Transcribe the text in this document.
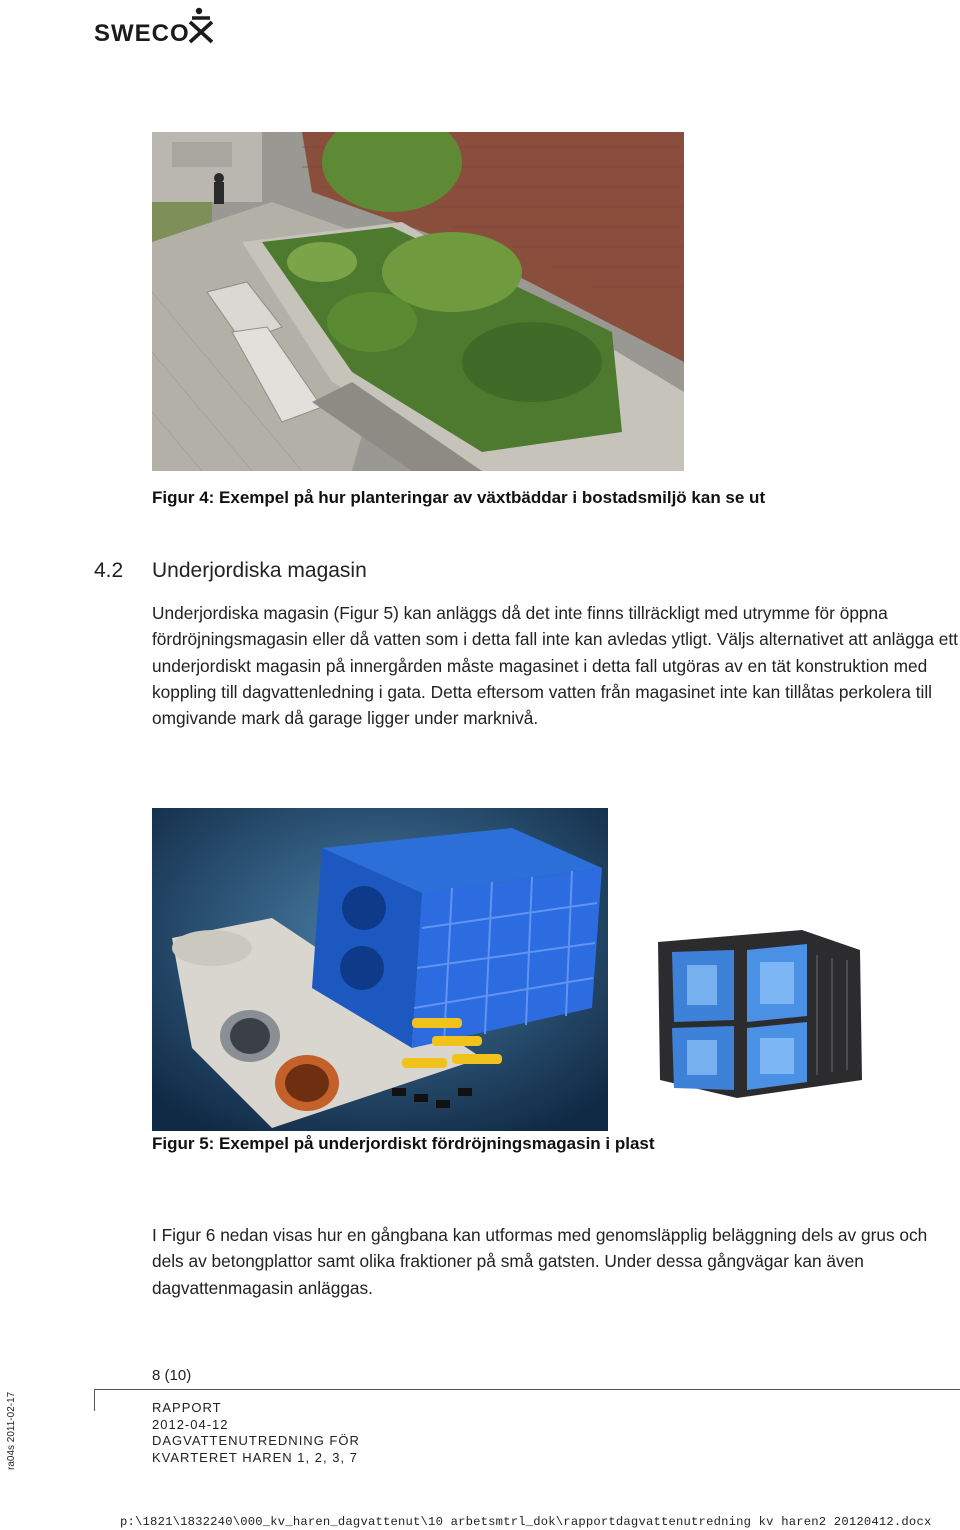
SWECO
Figur 4: Exempel på hur planteringar av växtbäddar i bostadsmiljö kan se ut
4.2 Underjordiska magasin

Underjordiska magasin (Figur 5) kan anläggs då det inte finns tillräckligt med utrymme för öppna fördröjningsmagasin eller då vatten som i detta fall inte kan avledas ytligt. Väljs alternativet att anlägga ett underjordiskt magasin på innergården måste magasinet i detta fall utgöras av en tät konstruktion med koppling till dagvattenledning i gata. Detta eftersom vatten från magasinet inte kan tillåtas perkolera till omgivande mark då garage ligger under marknivå.

Figur 5: Exempel på underjordiskt fördröjningsmagasin i plast

I Figur 6 nedan visas hur en gångbana kan utformas med genomsläpplig beläggning dels av grus och dels av betongplattor samt olika fraktioner på små gatsten. Under dessa gångvägar kan även dagvattenmagasin anläggas.

8 (10)
RAPPORT
2012-04-12
DAGVATTENUTREDNING FÖR
KVARTERET HAREN 1, 2, 3, 7
ra04s 2011-02-17
p:\1821\1832240\000_kv_haren_dagvattenut\10 arbetsmtrl_dok\rapportdagvattenutredning kv haren2 20120412.docx
